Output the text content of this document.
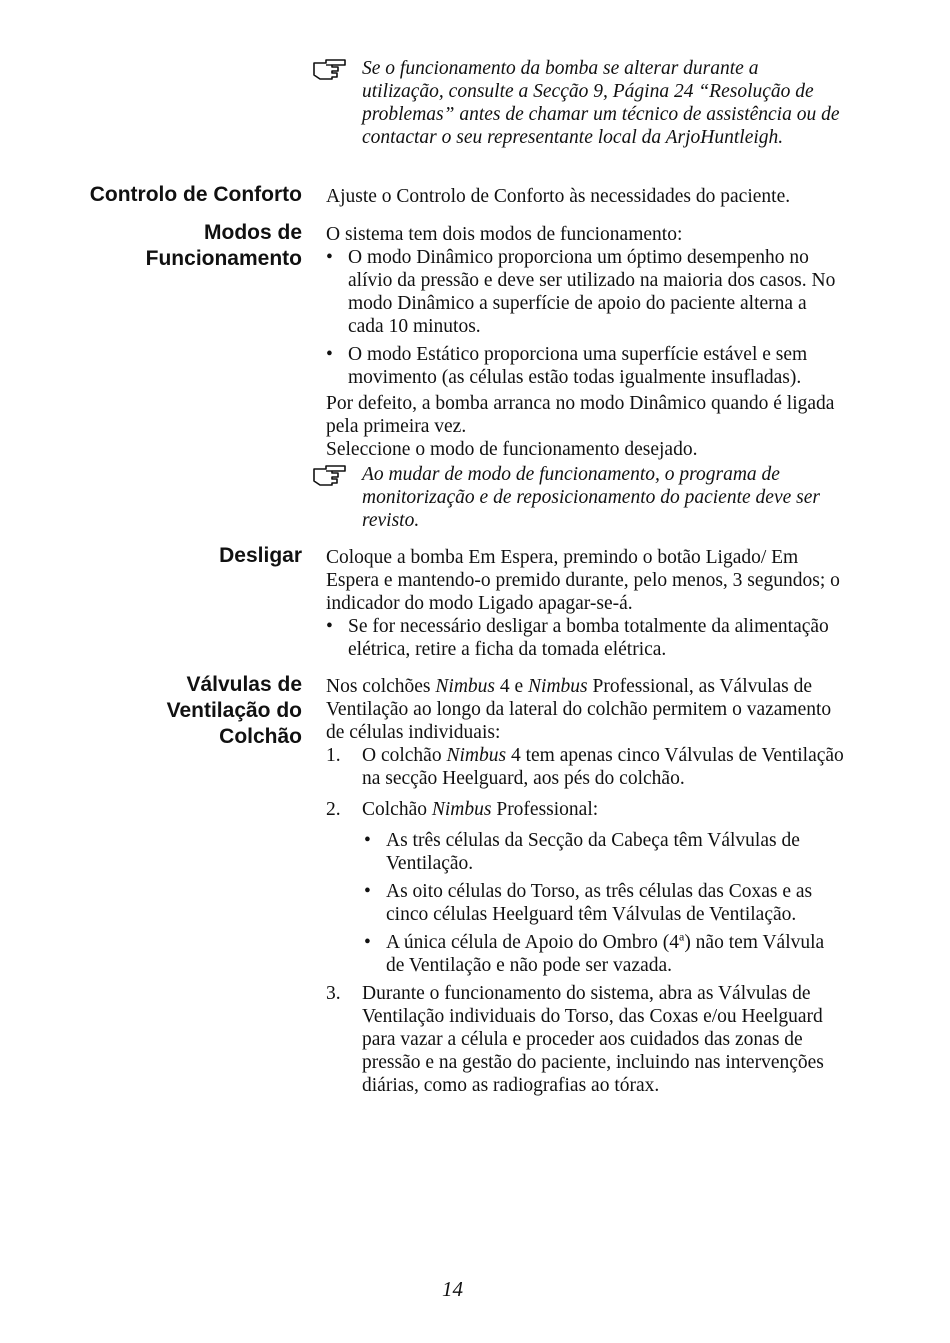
Se o funcionamento da bomba se alterar durante a utilização, consulte a Secção 9, Página 24 “Resolução de problemas” antes de chamar um técnico de assistência ou de contactar o seu representante local da ArjoHuntleigh.
Controlo de Conforto Ajuste o Controlo de Conforto às necessidades do paciente.

Modos de
Funcionamento

O sistema tem dois modos de funcionamento:

• O modo Dinâmico proporciona um óptimo desempenho no alívio da pressão e deve ser utilizado na maioria dos casos. No modo Dinâmico a superfície de apoio do paciente alterna a cada 10 minutos.
• O modo Estático proporciona uma superfície estável e sem movimento (as células estão todas igualmente insufladas).

Por defeito, a bomba arranca no modo Dinâmico quando é ligada pela primeira vez.

Seleccione o modo de funcionamento desejado.

Ao mudar de modo de funcionamento, o programa de monitorização e de reposicionamento do paciente deve ser revisto.
Desligar Coloque a bomba Em Espera, premindo o botão Ligado/ Em Espera e mantendo-o premido durante, pelo menos, 3 segundos; o indicador do modo Ligado apagar-se-á.

• Se for necessário desligar a bomba totalmente da alimentação elétrica, retire a ficha da tomada elétrica.
Válvulas de
Ventilação do
Colchão

Nos colchões Nimbus 4 e Nimbus Professional, as Válvulas de Ventilação ao longo da lateral do colchão permitem o vazamento de células individuais:

1. O colchão Nimbus 4 tem apenas cinco Válvulas de Ventilação na secção Heelguard, aos pés do colchão.
2. Colchão Nimbus Professional:
• As três células da Secção da Cabeça têm Válvulas de Ventilação.
• As oito células do Torso, as três células das Coxas e as cinco células Heelguard têm Válvulas de Ventilação.
• A única célula de Apoio do Ombro (4$^a$) não tem Válvula de Ventilação e não pode ser vazada.
3. Durante o funcionamento do sistema, abra as Válvulas de Ventilação individuais do Torso, das Coxas e/ou Heelguard para vazar a célula e proceder aos cuidados das zonas de pressão e na gestão do paciente, incluindo nas intervenções diárias, como as radiografias ao tórax.
14
